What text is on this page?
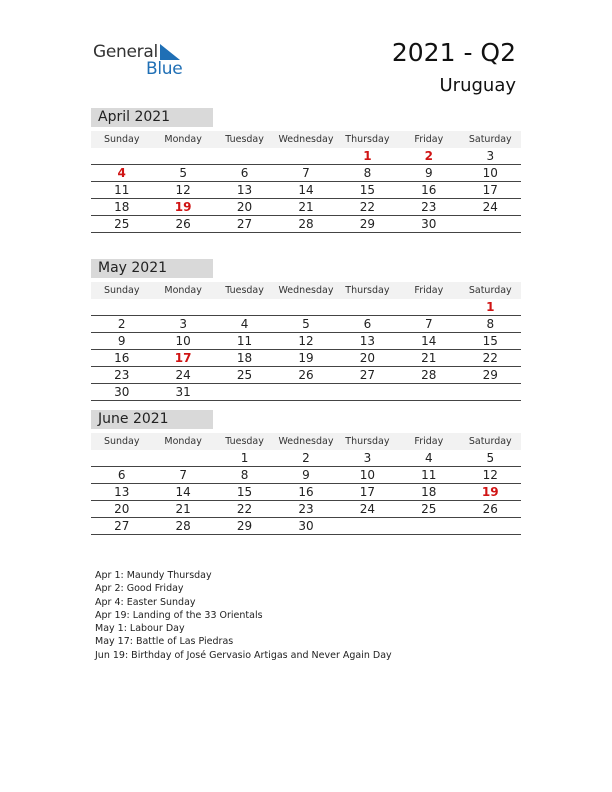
General
Blue
2021 - Q2
Uruguay
April 2021
Sunday	Monday	Tuesday	Wednesday	Thursday	Friday	Saturday
				1	2	3
4	5	6	7	8	9	10
11	12	13	14	15	16	17
18	19	20	21	22	23	24
25	26	27	28	29	30	
May 2021
Sunday	Monday	Tuesday	Wednesday	Thursday	Friday	Saturday
						1
2	3	4	5	6	7	8
9	10	11	12	13	14	15
16	17	18	19	20	21	22
23	24	25	26	27	28	29
30	31					
June 2021
Sunday	Monday	Tuesday	Wednesday	Thursday	Friday	Saturday
		1	2	3	4	5
6	7	8	9	10	11	12
13	14	15	16	17	18	19
20	21	22	23	24	25	26
27	28	29	30			
Apr 1: Maundy Thursday
Apr 2: Good Friday
Apr 4: Easter Sunday
Apr 19: Landing of the 33 Orientals
May 1: Labour Day
May 17: Battle of Las Piedras
Jun 19: Birthday of José Gervasio Artigas and Never Again Day
